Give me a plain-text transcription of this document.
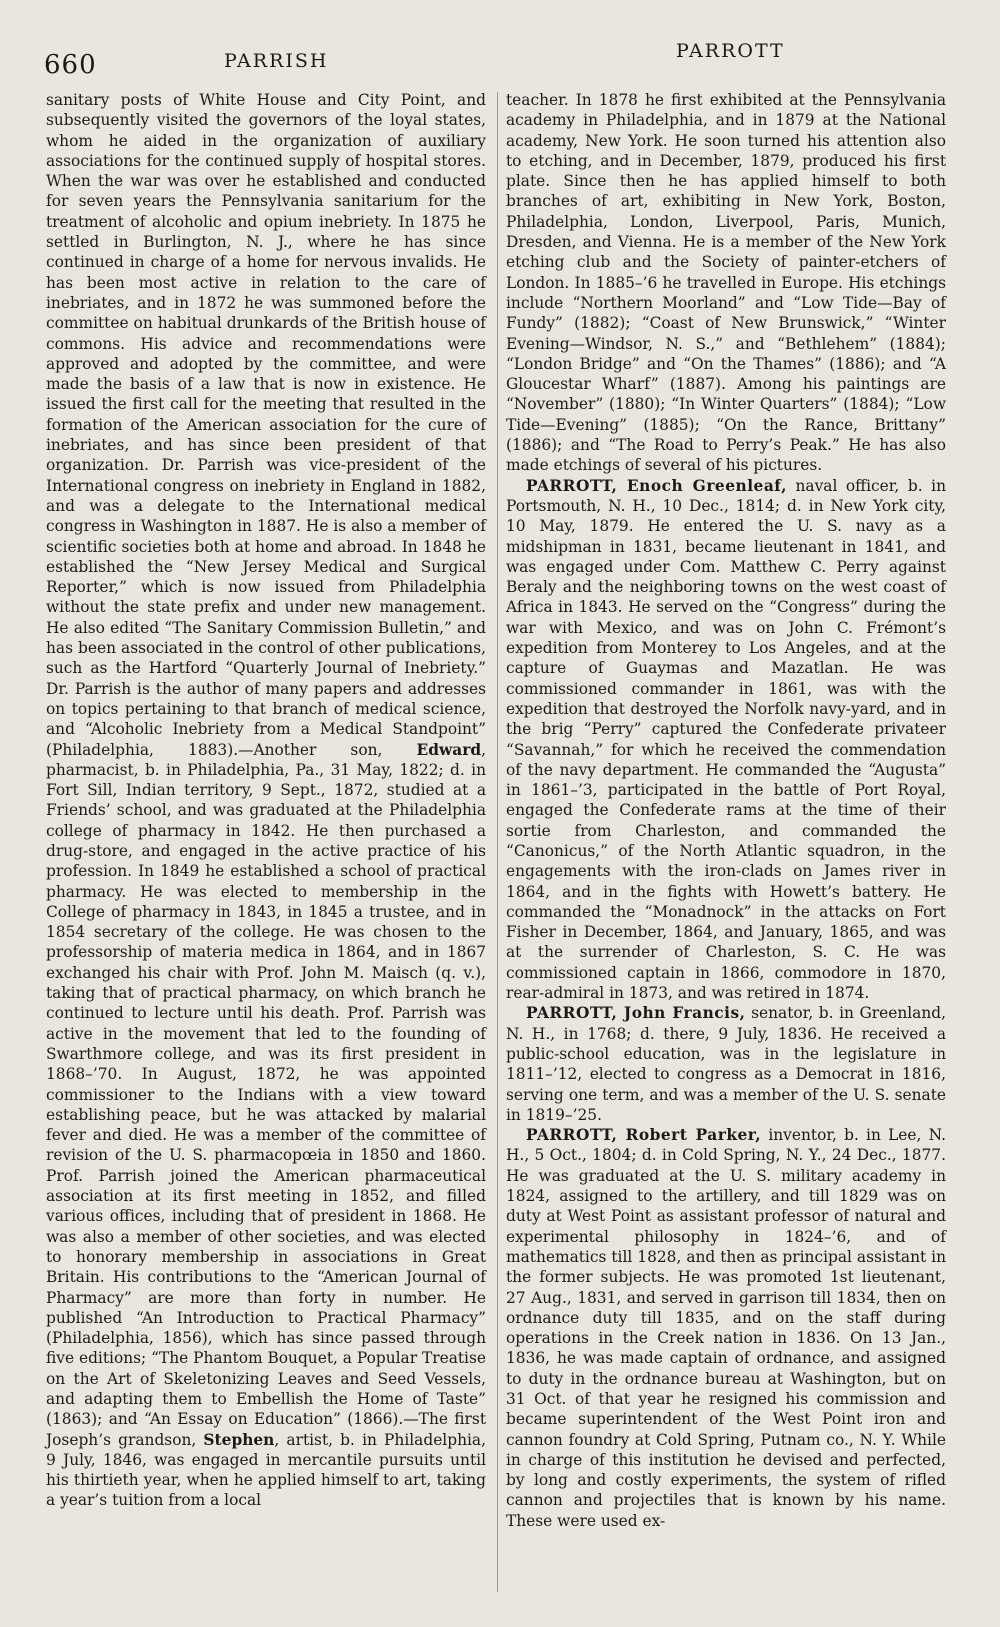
660	PARRISH	PARROTT

sanitary posts of White House and City Point, and subsequently visited the governors of the loyal states, whom he aided in the organization of auxiliary associations for the continued supply of hospital stores. When the war was over he established and conducted for seven years the Pennsylvania sanitarium for the treatment of alcoholic and opium inebriety. In 1875 he settled in Burlington, N. J., where he has since continued in charge of a home for nervous invalids. He has been most active in relation to the care of inebriates, and in 1872 he was summoned before the committee on habitual drunkards of the British house of commons. His advice and recommendations were approved and adopted by the committee, and were made the basis of a law that is now in existence. He issued the first call for the meeting that resulted in the formation of the American association for the cure of inebriates, and has since been president of that organization. Dr. Parrish was vice-president of the International congress on inebriety in England in 1882, and was a delegate to the International medical congress in Washington in 1887. He is also a member of scientific societies both at home and abroad. In 1848 he established the “New Jersey Medical and Surgical Reporter,” which is now issued from Philadelphia without the state prefix and under new management. He also edited “The Sanitary Commission Bulletin,” and has been associated in the control of other publications, such as the Hartford “Quarterly Journal of Inebriety.” Dr. Parrish is the author of many papers and addresses on topics pertaining to that branch of medical science, and “Alcoholic Inebriety from a Medical Standpoint” (Philadelphia, 1883).—Another son, Edward, pharmacist, b. in Philadelphia, Pa., 31 May, 1822; d. in Fort Sill, Indian territory, 9 Sept., 1872, studied at a Friends’ school, and was graduated at the Philadelphia college of pharmacy in 1842. He then purchased a drug-store, and engaged in the active practice of his profession. In 1849 he established a school of practical pharmacy. He was elected to membership in the College of pharmacy in 1843, in 1845 a trustee, and in 1854 secretary of the college. He was chosen to the professorship of materia medica in 1864, and in 1867 exchanged his chair with Prof. John M. Maisch (q. v.), taking that of practical pharmacy, on which branch he continued to lecture until his death. Prof. Parrish was active in the movement that led to the founding of Swarthmore college, and was its first president in 1868–’70. In August, 1872, he was appointed commissioner to the Indians with a view toward establishing peace, but he was attacked by malarial fever and died. He was a member of the committee of revision of the U. S. pharmacopœia in 1850 and 1860. Prof. Parrish joined the American pharmaceutical association at its first meeting in 1852, and filled various offices, including that of president in 1868. He was also a member of other societies, and was elected to honorary membership in associations in Great Britain. His contributions to the “American Journal of Pharmacy” are more than forty in number. He published “An Introduction to Practical Pharmacy” (Philadelphia, 1856), which has since passed through five editions; “The Phantom Bouquet, a Popular Treatise on the Art of Skeletonizing Leaves and Seed Vessels, and adapting them to Embellish the Home of Taste” (1863); and “An Essay on Education” (1866).—The first Joseph’s grandson, Stephen, artist, b. in Philadelphia, 9 July, 1846, was engaged in mercantile pursuits until his thirtieth year, when he applied himself to art, taking a year’s tuition from a local

teacher. In 1878 he first exhibited at the Pennsylvania academy in Philadelphia, and in 1879 at the National academy, New York. He soon turned his attention also to etching, and in December, 1879, produced his first plate. Since then he has applied himself to both branches of art, exhibiting in New York, Boston, Philadelphia, London, Liverpool, Paris, Munich, Dresden, and Vienna. He is a member of the New York etching club and the Society of painter-etchers of London. In 1885–’6 he travelled in Europe. His etchings include “Northern Moorland” and “Low Tide—Bay of Fundy” (1882); “Coast of New Brunswick,” “Winter Evening—Windsor, N. S.,” and “Bethlehem” (1884); “London Bridge” and “On the Thames” (1886); and “A Gloucestar Wharf” (1887). Among his paintings are “November” (1880); “In Winter Quarters” (1884); “Low Tide—Evening” (1885); “On the Rance, Brittany” (1886); and “The Road to Perry’s Peak.” He has also made etchings of several of his pictures.

PARROTT, Enoch Greenleaf, naval officer, b. in Portsmouth, N. H., 10 Dec., 1814; d. in New York city, 10 May, 1879. He entered the U. S. navy as a midshipman in 1831, became lieutenant in 1841, and was engaged under Com. Matthew C. Perry against Beraly and the neighboring towns on the west coast of Africa in 1843. He served on the “Congress” during the war with Mexico, and was on John C. Frémont’s expedition from Monterey to Los Angeles, and at the capture of Guaymas and Mazatlan. He was commissioned commander in 1861, was with the expedition that destroyed the Norfolk navy-yard, and in the brig “Perry” captured the Confederate privateer “Savannah,” for which he received the commendation of the navy department. He commanded the “Augusta” in 1861–’3, participated in the battle of Port Royal, engaged the Confederate rams at the time of their sortie from Charleston, and commanded the “Canonicus,” of the North Atlantic squadron, in the engagements with the iron-clads on James river in 1864, and in the fights with Howett’s battery. He commanded the “Monadnock” in the attacks on Fort Fisher in December, 1864, and January, 1865, and was at the surrender of Charleston, S. C. He was commissioned captain in 1866, commodore in 1870, rear-admiral in 1873, and was retired in 1874.

PARROTT, John Francis, senator, b. in Greenland, N. H., in 1768; d. there, 9 July, 1836. He received a public-school education, was in the legislature in 1811–’12, elected to congress as a Democrat in 1816, serving one term, and was a member of the U. S. senate in 1819–’25.

PARROTT, Robert Parker, inventor, b. in Lee, N. H., 5 Oct., 1804; d. in Cold Spring, N. Y., 24 Dec., 1877. He was graduated at the U. S. military academy in 1824, assigned to the artillery, and till 1829 was on duty at West Point as assistant professor of natural and experimental philosophy in 1824–’6, and of mathematics till 1828, and then as principal assistant in the former subjects. He was promoted 1st lieutenant, 27 Aug., 1831, and served in garrison till 1834, then on ordnance duty till 1835, and on the staff during operations in the Creek nation in 1836. On 13 Jan., 1836, he was made captain of ordnance, and assigned to duty in the ordnance bureau at Washington, but on 31 Oct. of that year he resigned his commission and became superintendent of the West Point iron and cannon foundry at Cold Spring, Putnam co., N. Y. While in charge of this institution he devised and perfected, by long and costly experiments, the system of rifled cannon and projectiles that is known by his name. These were used ex-
